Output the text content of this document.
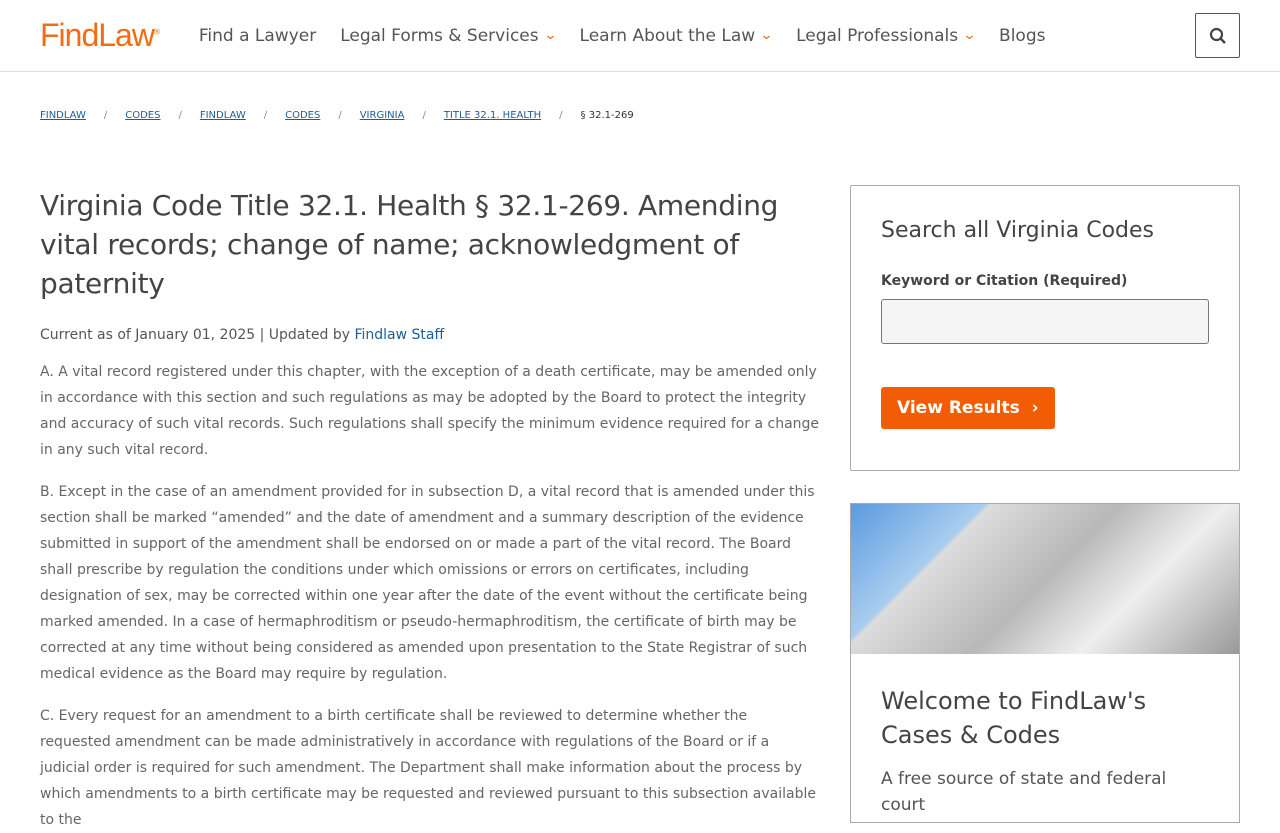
FindLaw® Find a Lawyer Legal Forms & Services ⌄ Learn About the Law ⌄ Legal Professionals ⌄ Blogs
FINDLAW / CODES / FINDLAW / CODES / VIRGINIA / TITLE 32.1. HEALTH / § 32.1-269
Virginia Code Title 32.1. Health § 32.1-269. Amending vital records; change of name; acknowledgment of paternity
Current as of January 01, 2025 | Updated by Findlaw Staff

A. A vital record registered under this chapter, with the exception of a death certificate, may be amended only in accordance with this section and such regulations as may be adopted by the Board to protect the integrity and accuracy of such vital records. Such regulations shall specify the minimum evidence required for a change in any such vital record.

B. Except in the case of an amendment provided for in subsection D, a vital record that is amended under this section shall be marked “amended” and the date of amendment and a summary description of the evidence submitted in support of the amendment shall be endorsed on or made a part of the vital record. The Board shall prescribe by regulation the conditions under which omissions or errors on certificates, including designation of sex, may be corrected within one year after the date of the event without the certificate being marked amended. In a case of hermaphroditism or pseudo-hermaphroditism, the certificate of birth may be corrected at any time without being considered as amended upon presentation to the State Registrar of such medical evidence as the Board may require by regulation.

C. Every request for an amendment to a birth certificate shall be reviewed to determine whether the requested amendment can be made administratively in accordance with regulations of the Board or if a judicial order is required for such amendment. The Department shall make information about the process by which amendments to a birth certificate may be requested and reviewed pursuant to this subsection available to the

Search all Virginia Codes
Keyword or Citation (Required)
View Results  ›
Welcome to FindLaw's Cases & Codes

A free source of state and federal court
